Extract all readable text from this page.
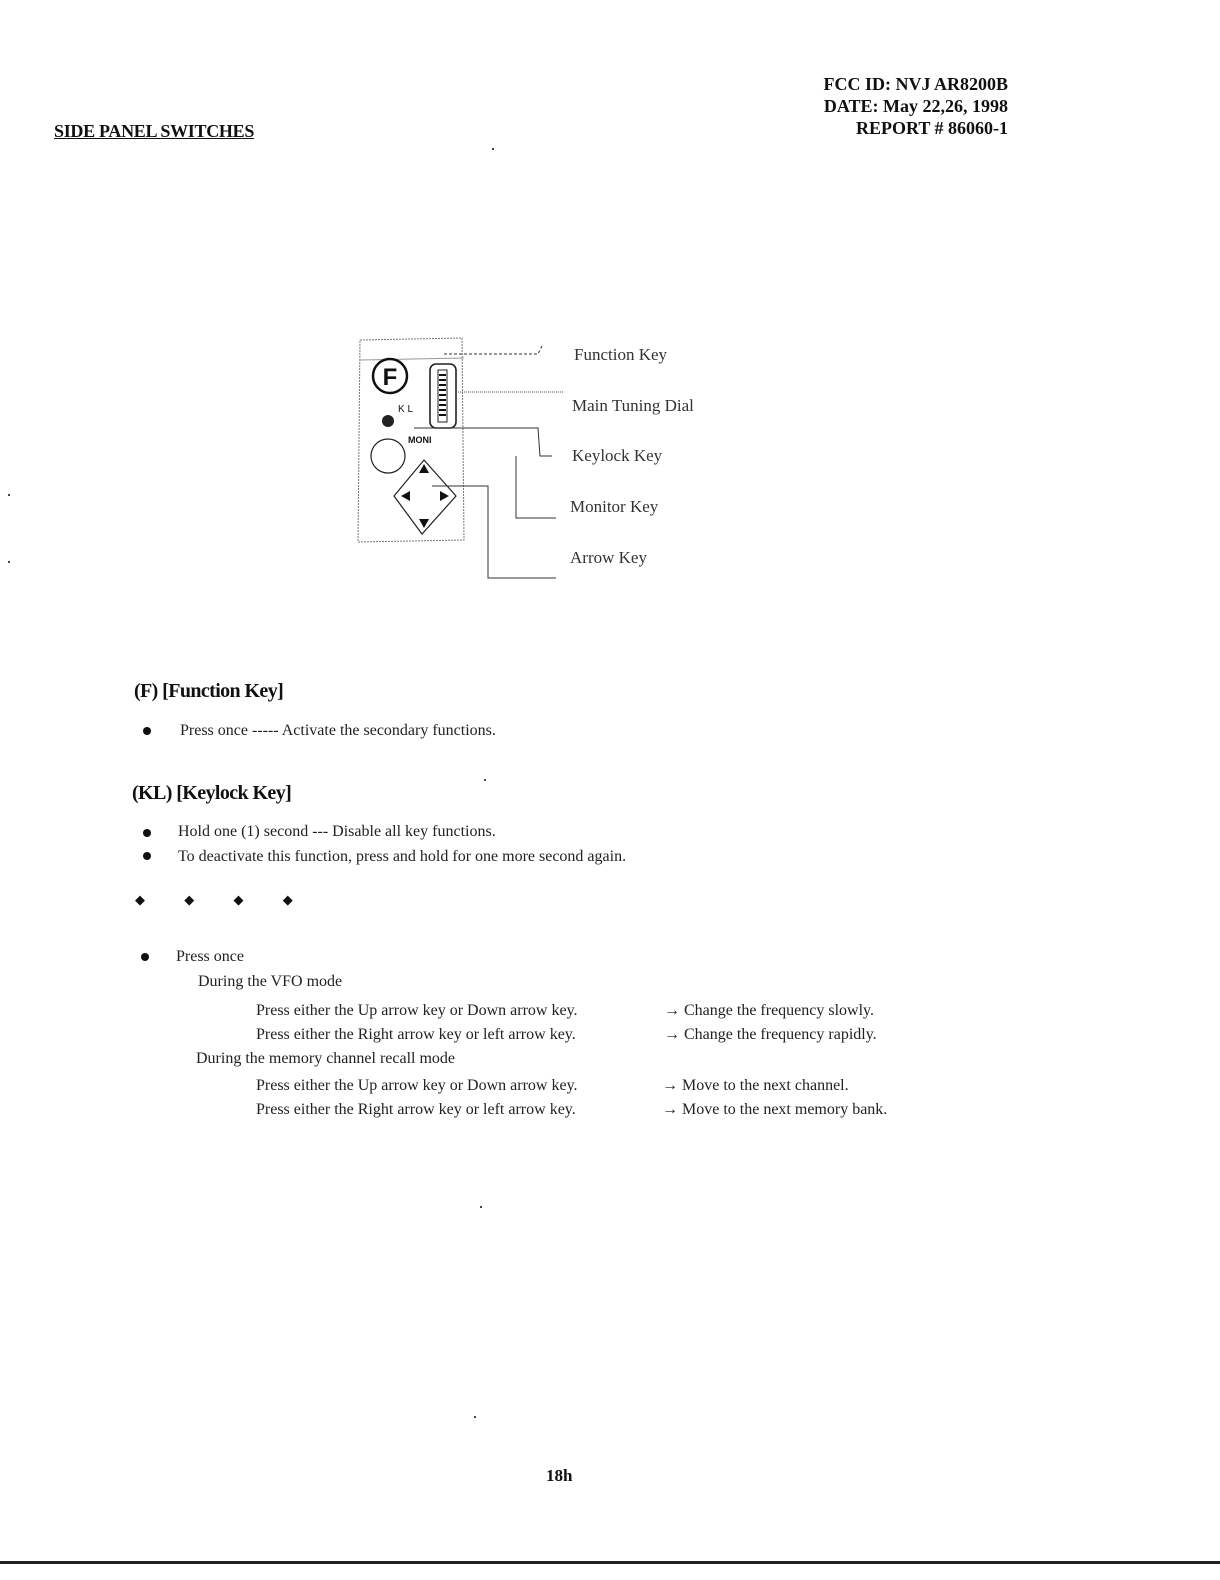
FCC ID: NVJ AR8200B
DATE: May 22,26, 1998
REPORT # 86060-1
SIDE PANEL SWITCHES
F
K L
MONI
Function Key
Main Tuning Dial
Keylock Key
Monitor Key
Arrow Key
(F) [Function Key]
Press once ----- Activate the secondary functions.
(KL) [Keylock Key]
Hold one (1) second --- Disable all key functions.
To deactivate this function, press and hold for one more second again.
◆ ◆ ◆ ◆
Press once
During the VFO mode
Press either the Up arrow key or Down arrow key.	→ Change the frequency slowly.
Press either the Right arrow key or left arrow key.	→ Change the frequency rapidly.
During the memory channel recall mode
Press either the Up arrow key or Down arrow key.	→ Move to the next channel.
Press either the Right arrow key or left arrow key.	→ Move to the next memory bank.
18h
